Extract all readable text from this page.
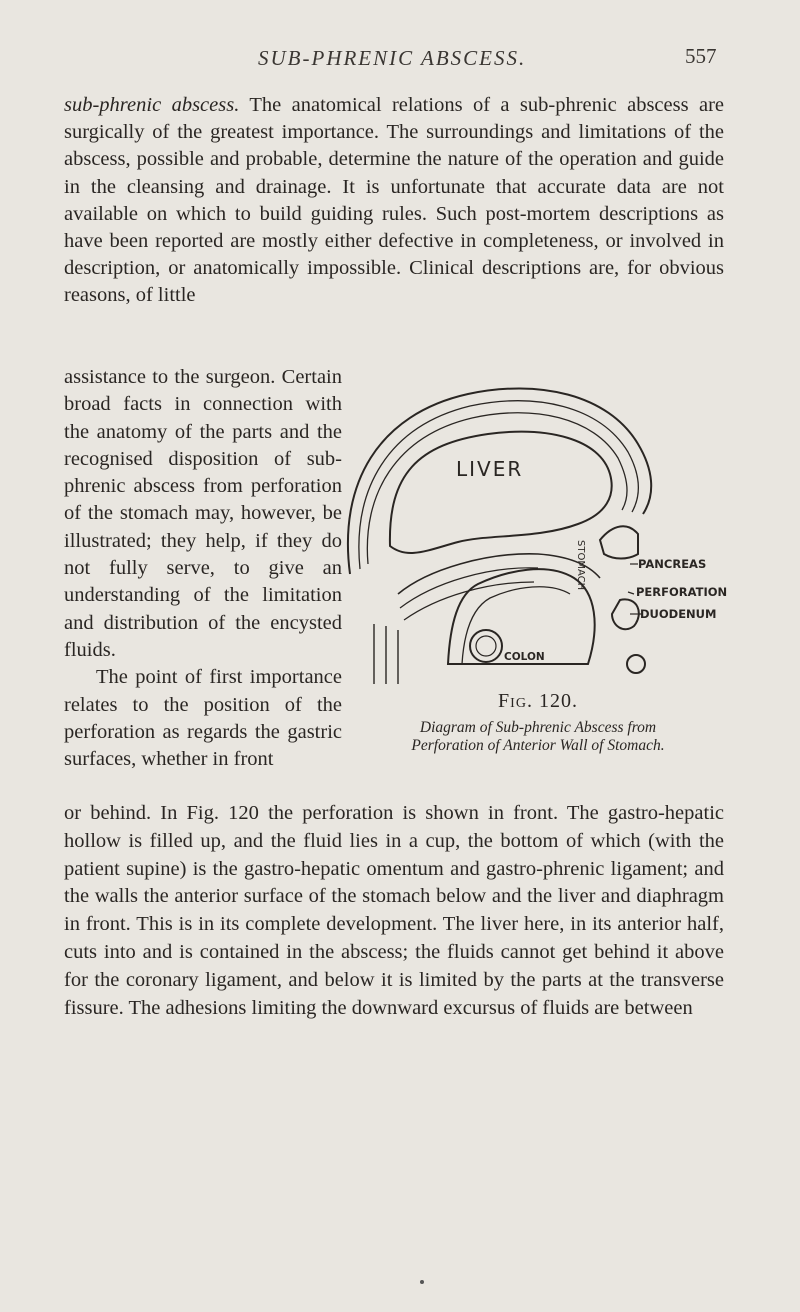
SUB-PHRENIC ABSCESS.	557

sub-phrenic abscess. The anatomical relations of a sub-phrenic abscess are surgically of the greatest importance. The surroundings and limitations of the abscess, possible and probable, determine the nature of the operation and guide in the cleansing and drainage. It is unfortunate that accurate data are not available on which to build guiding rules. Such post-mortem descriptions as have been reported are mostly either defective in completeness, or involved in description, or anatomically impossible. Clinical descriptions are, for obvious reasons, of little

assistance to the surgeon. Certain broad facts in connection with the anatomy of the parts and the recognised disposition of sub-phrenic abscess from perforation of the stomach may, however, be illustrated; they help, if they do not fully serve, to give an understanding of the limitation and distribution of the encysted fluids.

The point of first importance relates to the position of the perforation as regards the gastric surfaces, whether in front

LIVER
STOMACH	PANCREAS
PERFORATION
DUODENUM
COLON
Fig. 120.
Diagram of Sub-phrenic Abscess from
Perforation of Anterior Wall of Stomach.

or behind. In Fig. 120 the perforation is shown in front. The gastro-hepatic hollow is filled up, and the fluid lies in a cup, the bottom of which (with the patient supine) is the gastro-hepatic omentum and gastro-phrenic ligament; and the walls the anterior surface of the stomach below and the liver and diaphragm in front. This is in its complete development. The liver here, in its anterior half, cuts into and is contained in the abscess; the fluids cannot get behind it above for the coronary ligament, and below it is limited by the parts at the transverse fissure. The adhesions limiting the downward excursus of fluids are between
